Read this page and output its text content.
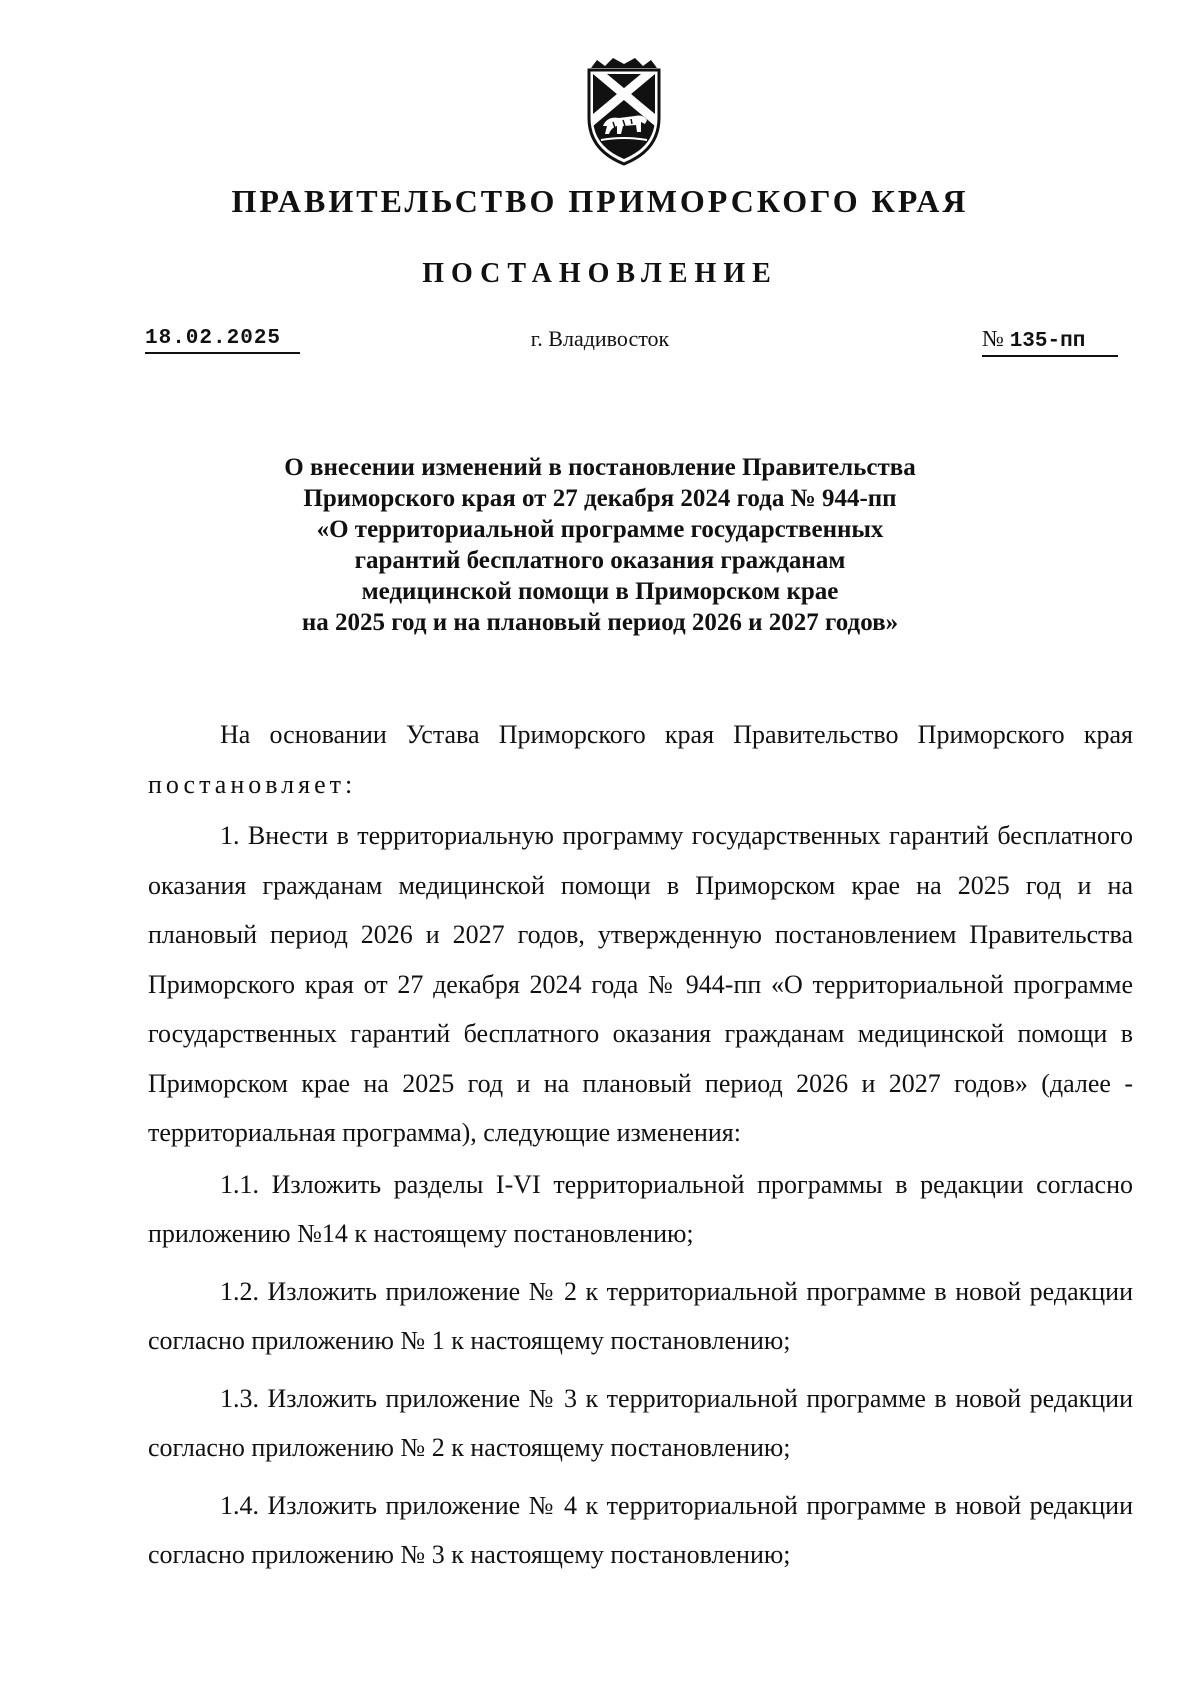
ПРАВИТЕЛЬСТВО ПРИМОРСКОГО КРАЯ
ПОСТАНОВЛЕНИЕ
18.02.2025	г. Владивосток	№ 135-пп
О внесении изменений в постановление Правительства
Приморского края от 27 декабря 2024 года № 944-пп
«О территориальной программе государственных
гарантий бесплатного оказания гражданам
медицинской помощи в Приморском крае
на 2025 год и на плановый период 2026 и 2027 годов»

На основании Устава Приморского края Правительство Приморского края постановляет:

1. Внести в территориальную программу государственных гарантий бесплатного оказания гражданам медицинской помощи в Приморском крае на 2025 год и на плановый период 2026 и 2027 годов, утвержденную постановлением Правительства Приморского края от 27 декабря 2024 года № 944-пп «О территориальной программе государственных гарантий бесплатного оказания гражданам медицинской помощи в Приморском крае на 2025 год и на плановый период 2026 и 2027 годов» (далее - территориальная программа), следующие изменения:

1.1. Изложить разделы I-VI территориальной программы в редакции согласно приложению №14 к настоящему постановлению;

1.2. Изложить приложение № 2 к территориальной программе в новой редакции согласно приложению № 1 к настоящему постановлению;

1.3. Изложить приложение № 3 к территориальной программе в новой редакции согласно приложению № 2 к настоящему постановлению;

1.4. Изложить приложение № 4 к территориальной программе в новой редакции согласно приложению № 3 к настоящему постановлению;
